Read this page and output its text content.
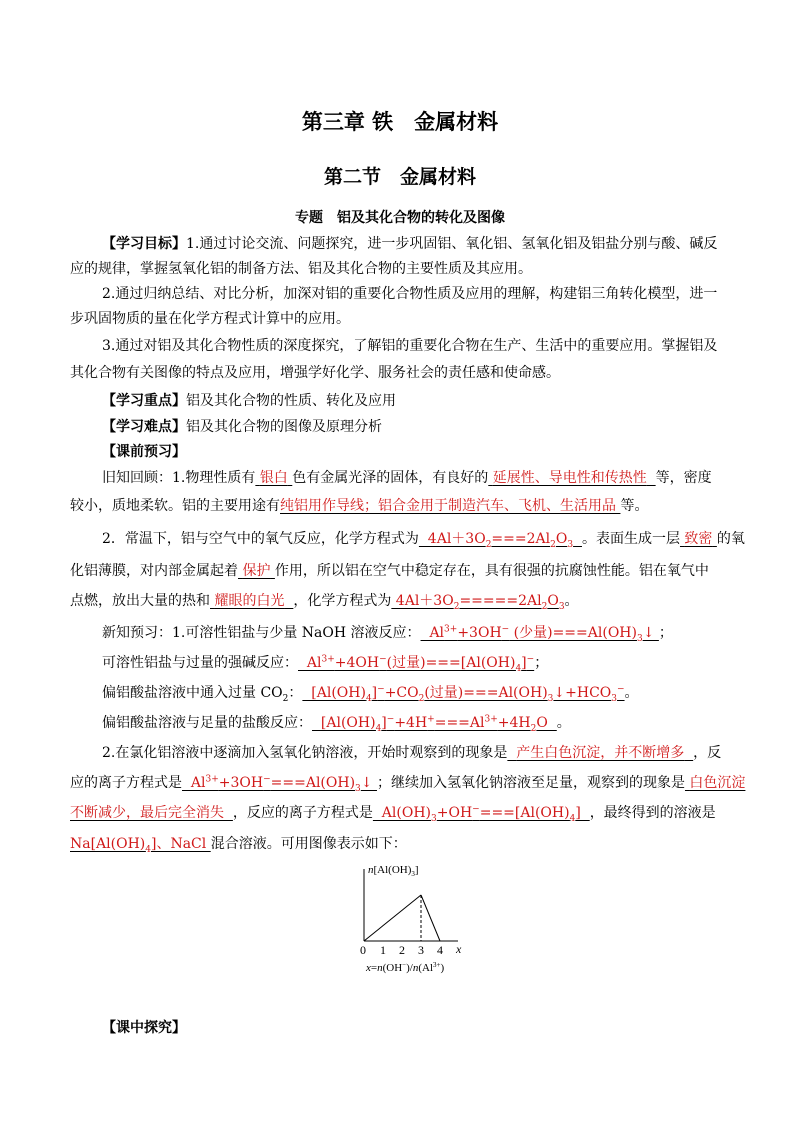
第三章 铁　金属材料
第二节　金属材料
专题　铝及其化合物的转化及图像
【学习目标】1.通过讨论交流、问题探究，进一步巩固铝、氧化铝、氢氧化铝及铝盐分别与酸、碱反
应的规律，掌握氢氧化铝的制备方法、铝及其化合物的主要性质及其应用。
2.通过归纳总结、对比分析，加深对铝的重要化合物性质及应用的理解，构建铝三角转化模型，进一
步巩固物质的量在化学方程式计算中的应用。
3.通过对铝及其化合物性质的深度探究，了解铝的重要化合物在生产、生活中的重要应用。掌握铝及
其化合物有关图像的特点及应用，增强学好化学、服务社会的责任感和使命感。
【学习重点】铝及其化合物的性质、转化及应用
【学习难点】铝及其化合物的图像及原理分析
【课前预习】
旧知回顾：1.物理性质有 银白 色有金属光泽的固体，有良好的 延展性、导电性和传热性 等，密度
较小，质地柔软。铝的主要用途有纯铝用作导线；铝合金用于制造汽车、飞机、生活用品 等。
2．常温下，铝与空气中的氧气反应，化学方程式为  $4Al+3O_2===2Al_2O_3$ 。表面生成一层 致密 的氧
化铝薄膜，对内部金属起着 保护 作用，所以铝在空气中稳定存在，具有很强的抗腐蚀性能。铝在氧气中
点燃，放出大量的热和 耀眼的白光 ，化学方程式为 $4Al+3O_2=====2Al_2O_3$。
新知预习：1.可溶性铝盐与少量 NaOH 溶液反应：  $Al^{3+}+3OH^-$ (少量)$===Al(OH)_3↓$ ；
可溶性铝盐与过量的强碱反应：  $Al^{3+}+4OH^-$(过量)$===[Al(OH)_4]^-$；
偏铝酸盐溶液中通入过量 $CO_2$：  $[Al(OH)_4]^-+CO_2$(过量)$===Al(OH)_3↓+HCO_3^-$。
偏铝酸盐溶液与足量的盐酸反应：  $[Al(OH)_4]^-+4H^+===Al^{3+}+4H_2O$  。
2.在氯化铝溶液中逐滴加入氢氧化钠溶液，开始时观察到的现象是 产生白色沉淀，并不断增多 ，反
应的离子方程式是  $Al^{3+}+3OH^-===Al(OH)_3↓$ ；继续加入氢氧化钠溶液至足量，观察到的现象是 白色沉淀
不断减少，最后完全消失 ，反应的离子方程式是  $Al(OH)_3+OH^-===[Al(OH)_4]$  ，最终得到的溶液是
$Na[Al(OH)_4]$、NaCl 混合溶液。可用图像表示如下：
$n[Al(OH)_3]$
1 2 3 4 x
0
$x=n(OH^-)/n(Al^{3+})$
【课中探究】
